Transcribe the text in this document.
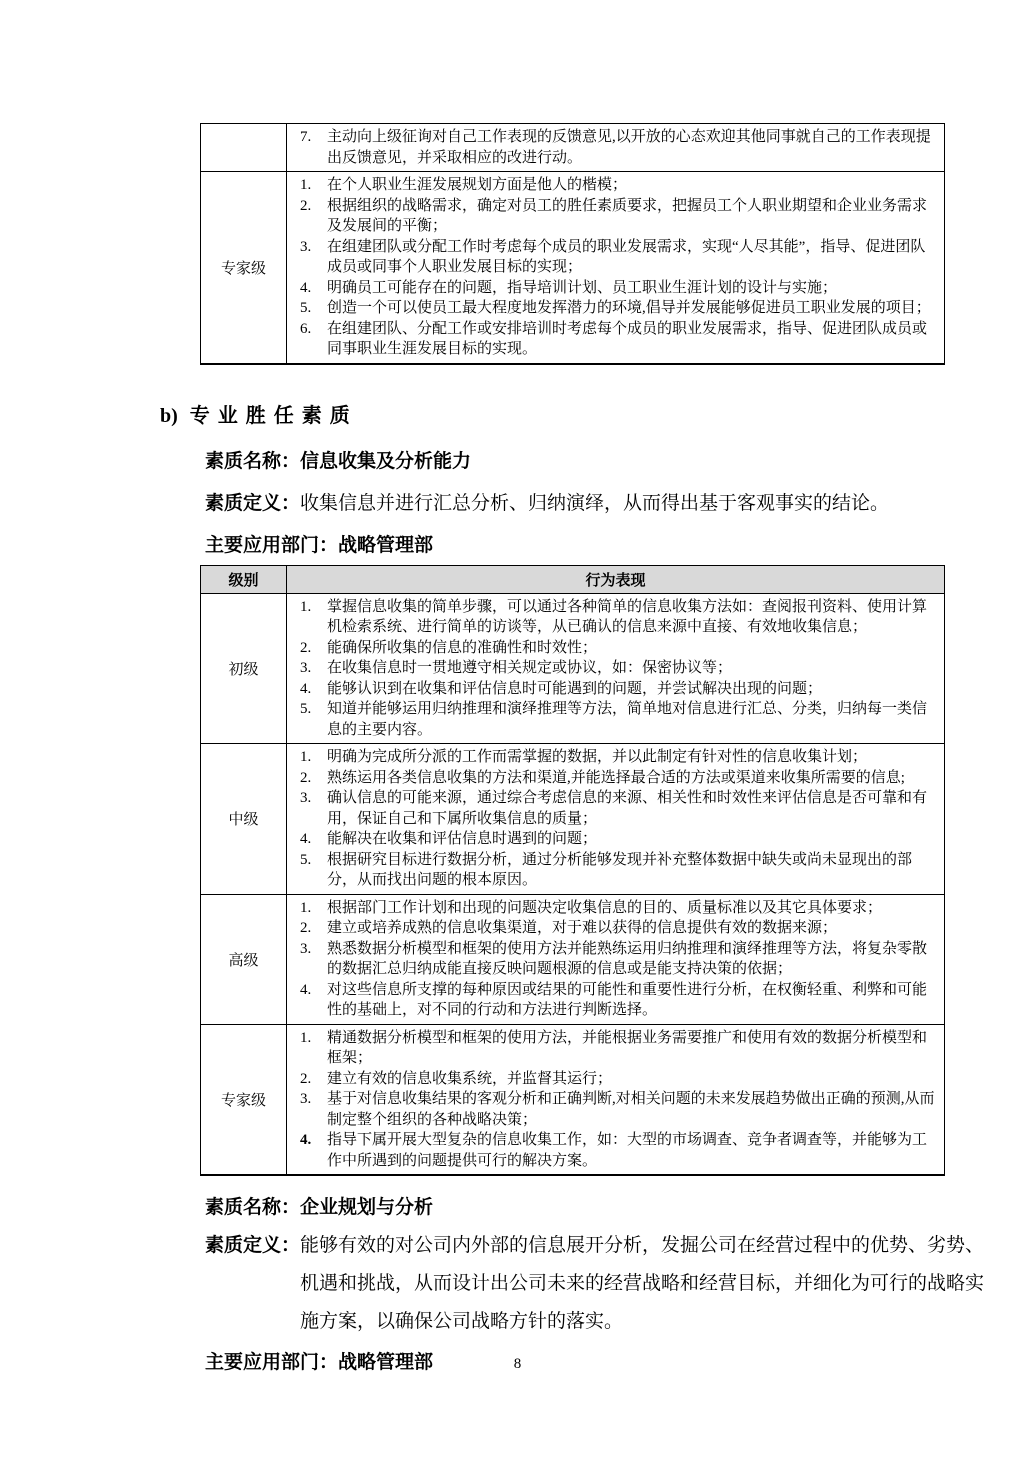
	7. 主动向上级征询对自己工作表现的反馈意见,以开放的心态欢迎其他同事就自己的工作表现提出反馈意见，并采取相应的改进行动。

专家级	
1.	在个人职业生涯发展规划方面是他人的楷模；
2.	根据组织的战略需求，确定对员工的胜任素质要求，把握员工个人职业期望和企业业务需求及发展间的平衡；
3.	在组建团队或分配工作时考虑每个成员的职业发展需求，实现“人尽其能”，指导、促进团队成员或同事个人职业发展目标的实现；
4.	明确员工可能存在的问题，指导培训计划、员工职业生涯计划的设计与实施；
5.	创造一个可以使员工最大程度地发挥潜力的环境,倡导并发展能够促进员工职业发展的项目；
6.	在组建团队、分配工作或安排培训时考虑每个成员的职业发展需求，指导、促进团队成员或同事职业生涯发展目标的实现。
b) 专业胜任素质
素质名称：信息收集及分析能力
素质定义：收集信息并进行汇总分析、归纳演绎，从而得出基于客观事实的结论。
主要应用部门：战略管理部
级别	行为表现
初级	
1.	掌握信息收集的简单步骤，可以通过各种简单的信息收集方法如：查阅报刊资料、使用计算机检索系统、进行简单的访谈等，从已确认的信息来源中直接、有效地收集信息；
2.	能确保所收集的信息的准确性和时效性；
3.	在收集信息时一贯地遵守相关规定或协议，如：保密协议等；
4.	能够认识到在收集和评估信息时可能遇到的问题，并尝试解决出现的问题；
5.	知道并能够运用归纳推理和演绎推理等方法，简单地对信息进行汇总、分类，归纳每一类信息的主要内容。

中级	
1.	明确为完成所分派的工作而需掌握的数据，并以此制定有针对性的信息收集计划；
2.	熟练运用各类信息收集的方法和渠道,并能选择最合适的方法或渠道来收集所需要的信息;
3.	确认信息的可能来源，通过综合考虑信息的来源、相关性和时效性来评估信息是否可靠和有用，保证自己和下属所收集信息的质量；
4.	能解决在收集和评估信息时遇到的问题；
5.	根据研究目标进行数据分析，通过分析能够发现并补充整体数据中缺失或尚未显现出的部分，从而找出问题的根本原因。

高级	
1.	根据部门工作计划和出现的问题决定收集信息的目的、质量标准以及其它具体要求；
2.	建立或培养成熟的信息收集渠道，对于难以获得的信息提供有效的数据来源；
3.	熟悉数据分析模型和框架的使用方法并能熟练运用归纳推理和演绎推理等方法，将复杂零散的数据汇总归纳成能直接反映问题根源的信息或是能支持决策的依据；
4.	对这些信息所支撑的每种原因或结果的可能性和重要性进行分析，在权衡轻重、利弊和可能性的基础上，对不同的行动和方法进行判断选择。

专家级	
1.	精通数据分析模型和框架的使用方法，并能根据业务需要推广和使用有效的数据分析模型和框架；
2.	建立有效的信息收集系统，并监督其运行；
3.	基于对信息收集结果的客观分析和正确判断,对相关问题的未来发展趋势做出正确的预测,从而制定整个组织的各种战略决策；
4.	指导下属开展大型复杂的信息收集工作，如：大型的市场调查、竞争者调查等，并能够为工作中所遇到的问题提供可行的解决方案。
素质名称：企业规划与分析
素质定义：能够有效的对公司内外部的信息展开分析，发掘公司在经营过程中的优势、劣势、机遇和挑战，从而设计出公司未来的经营战略和经营目标，并细化为可行的战略实施方案，以确保公司战略方针的落实。
主要应用部门：战略管理部	8
